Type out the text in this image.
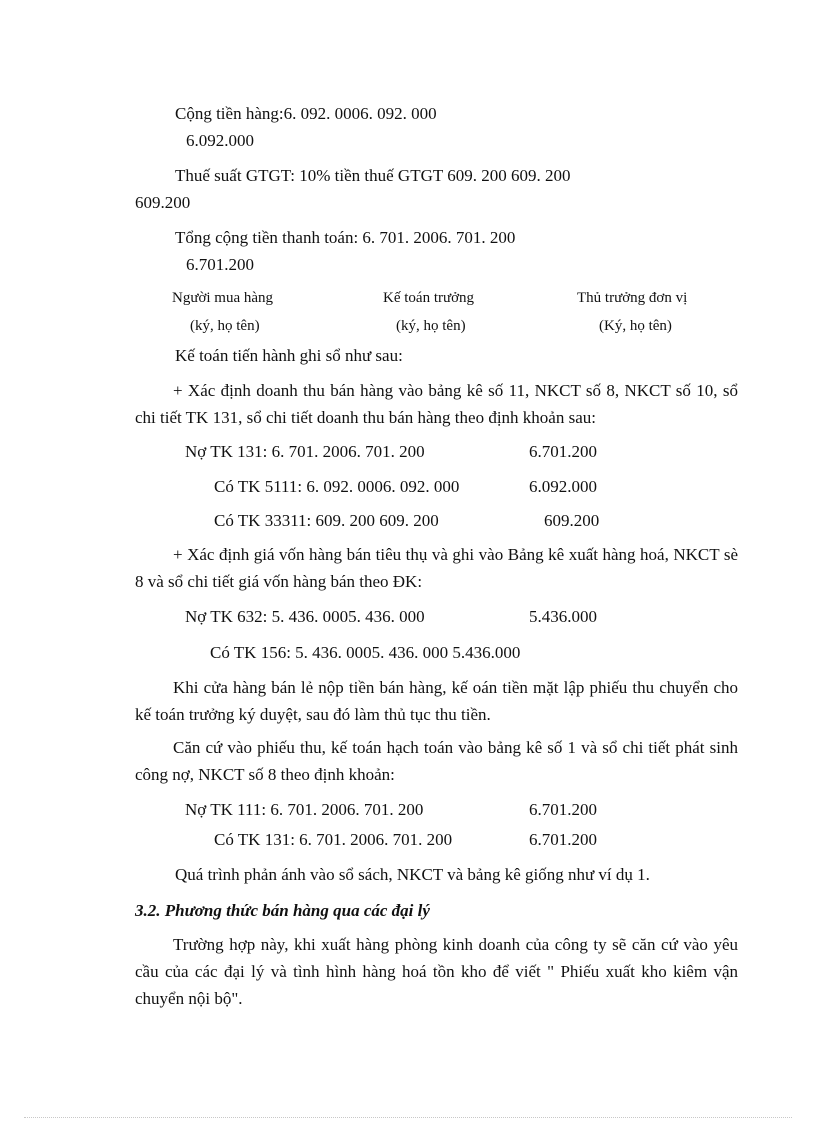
Cộng tiền hàng:6. 092. 0006. 092. 000
6.092.000
Thuế suất GTGT: 10% tiền thuế GTGT 609. 200 609. 200
609.200
Tổng cộng tiền thanh toán: 6. 701. 2006. 701. 200
6.701.200
Người mua hàng	Kế toán trưởng	Thủ trưởng đơn vị
(ký, họ tên)	(ký, họ tên)	(Ký, họ tên)
Kế toán tiến hành ghi sổ như sau:
+ Xác định doanh thu bán hàng vào bảng kê số 11, NKCT số 8, NKCT số 10, sổ chi tiết TK 131, sổ chi tiết doanh thu bán hàng theo định khoản sau:
Nợ TK 131: 6. 701. 2006. 701. 200	6.701.200
Có TK 5111: 6. 092. 0006. 092. 000	6.092.000
Có TK 33311: 609. 200 609. 200	609.200
+ Xác định giá vốn hàng bán tiêu thụ và ghi vào Bảng kê xuất hàng hoá, NKCT sè 8 và sổ chi tiết giá vốn hàng bán theo ĐK:
Nợ TK 632: 5. 436. 0005. 436. 000	5.436.000
Có TK 156: 5. 436. 0005. 436. 000 5.436.000
Khi cửa hàng bán lẻ nộp tiền bán hàng, kế oán tiền mặt lập phiếu thu chuyển cho kế toán trưởng ký duyệt, sau đó làm thủ tục thu tiền.
Căn cứ vào phiếu thu, kế toán hạch toán vào bảng kê số 1 và sổ chi tiết phát sinh công nợ, NKCT số 8 theo định khoản:
Nợ TK 111: 6. 701. 2006. 701. 200	6.701.200
Có TK 131: 6. 701. 2006. 701. 200	6.701.200
Quá trình phản ánh vào sổ sách, NKCT và bảng kê giống như ví dụ 1.
3.2. Phương thức bán hàng qua các đại lý
Trường hợp này, khi xuất hàng phòng kinh doanh của công ty sẽ căn cứ vào yêu cầu của các đại lý và tình hình hàng hoá tồn kho để viết " Phiếu xuất kho kiêm vận chuyển nội bộ".
